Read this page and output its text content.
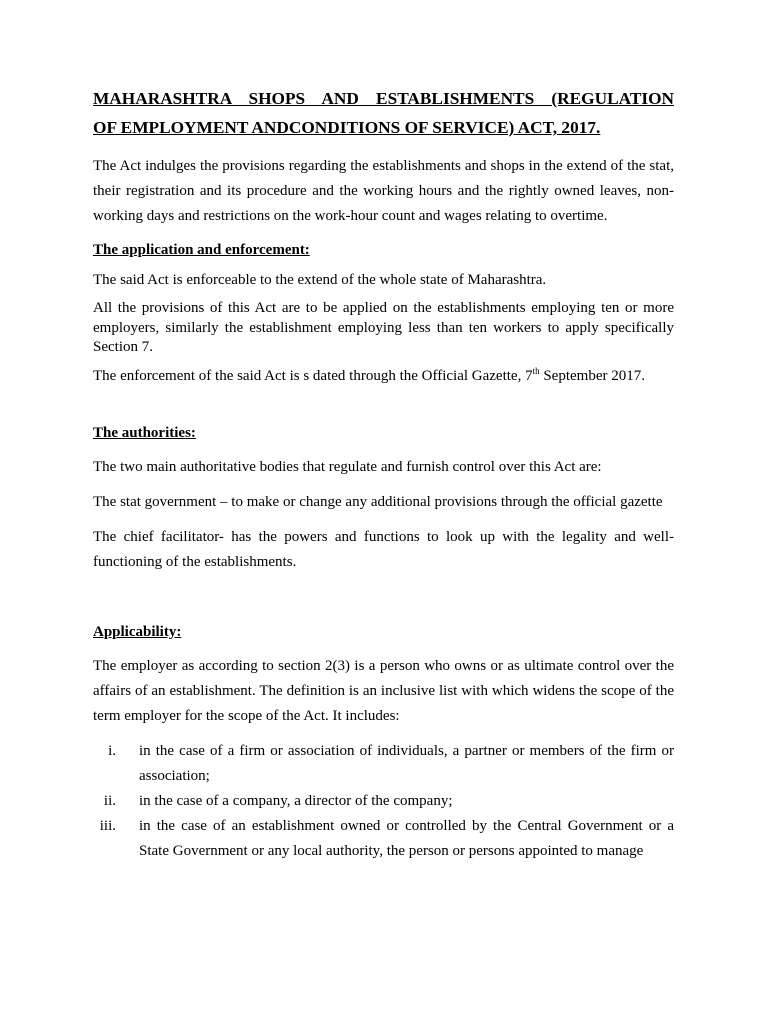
MAHARASHTRA SHOPS AND ESTABLISHMENTS (REGULATION
OF EMPLOYMENT ANDCONDITIONS OF SERVICE) ACT, 2017.

The Act indulges the provisions regarding the establishments and shops in the extend of the stat, their registration and its procedure and the working hours and the rightly owned leaves, non-working days and restrictions on the work-hour count and wages relating to overtime.

The application and enforcement:

The said Act is enforceable to the extend of the whole state of Maharashtra.

All the provisions of this Act are to be applied on the establishments employing ten or more employers, similarly the establishment employing less than ten workers to apply specifically Section 7.

The enforcement of the said Act is s dated through the Official Gazette, 7th September 2017.

The authorities:

The two main authoritative bodies that regulate and furnish control over this Act are:

The stat government – to make or change any additional provisions through the official gazette

The chief facilitator- has the powers and functions to look up with the legality and well-functioning of the establishments.

Applicability:

The employer as according to section 2(3) is a person who owns or as ultimate control over the affairs of an establishment. The definition is an inclusive list with which widens the scope of the term employer for the scope of the Act. It includes:

i. in the case of a firm or association of individuals, a partner or members of the firm or association;
ii. in the case of a company, a director of the company;
iii. in the case of an establishment owned or controlled by the Central Government or a State Government or any local authority, the person or persons appointed to manage
